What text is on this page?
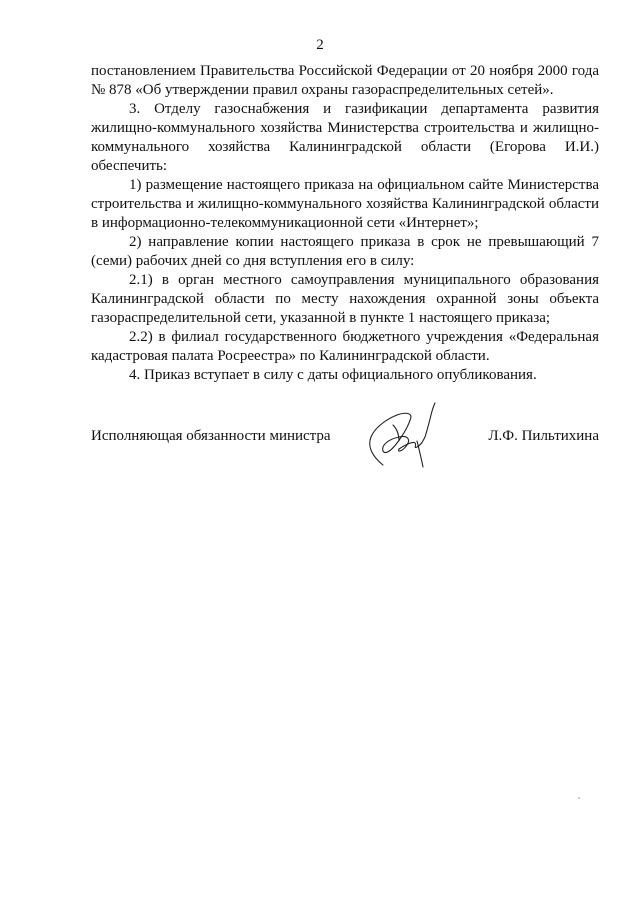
2

постановлением Правительства Российской Федерации от 20 ноября 2000 года № 878 «Об утверждении правил охраны газораспределительных сетей».

3. Отделу газоснабжения и газификации департамента развития жилищно-коммунального хозяйства Министерства строительства и жилищно-коммунального хозяйства Калининградской области (Егорова И.И.) обеспечить:

1) размещение настоящего приказа на официальном сайте Министерства строительства и жилищно-коммунального хозяйства Калининградской области в информационно-телекоммуникационной сети «Интернет»;

2) направление копии настоящего приказа в срок не превышающий 7 (семи) рабочих дней со дня вступления его в силу:

2.1) в орган местного самоуправления муниципального образования Калининградской области по месту нахождения охранной зоны объекта газораспределительной сети, указанной в пункте 1 настоящего приказа;

2.2) в филиал государственного бюджетного учреждения «Федеральная кадастровая палата Росреестра» по Калининградской области.

4. Приказ вступает в силу с даты официального опубликования.

Исполняющая обязанности министра	Л.Ф. Пильтихина
